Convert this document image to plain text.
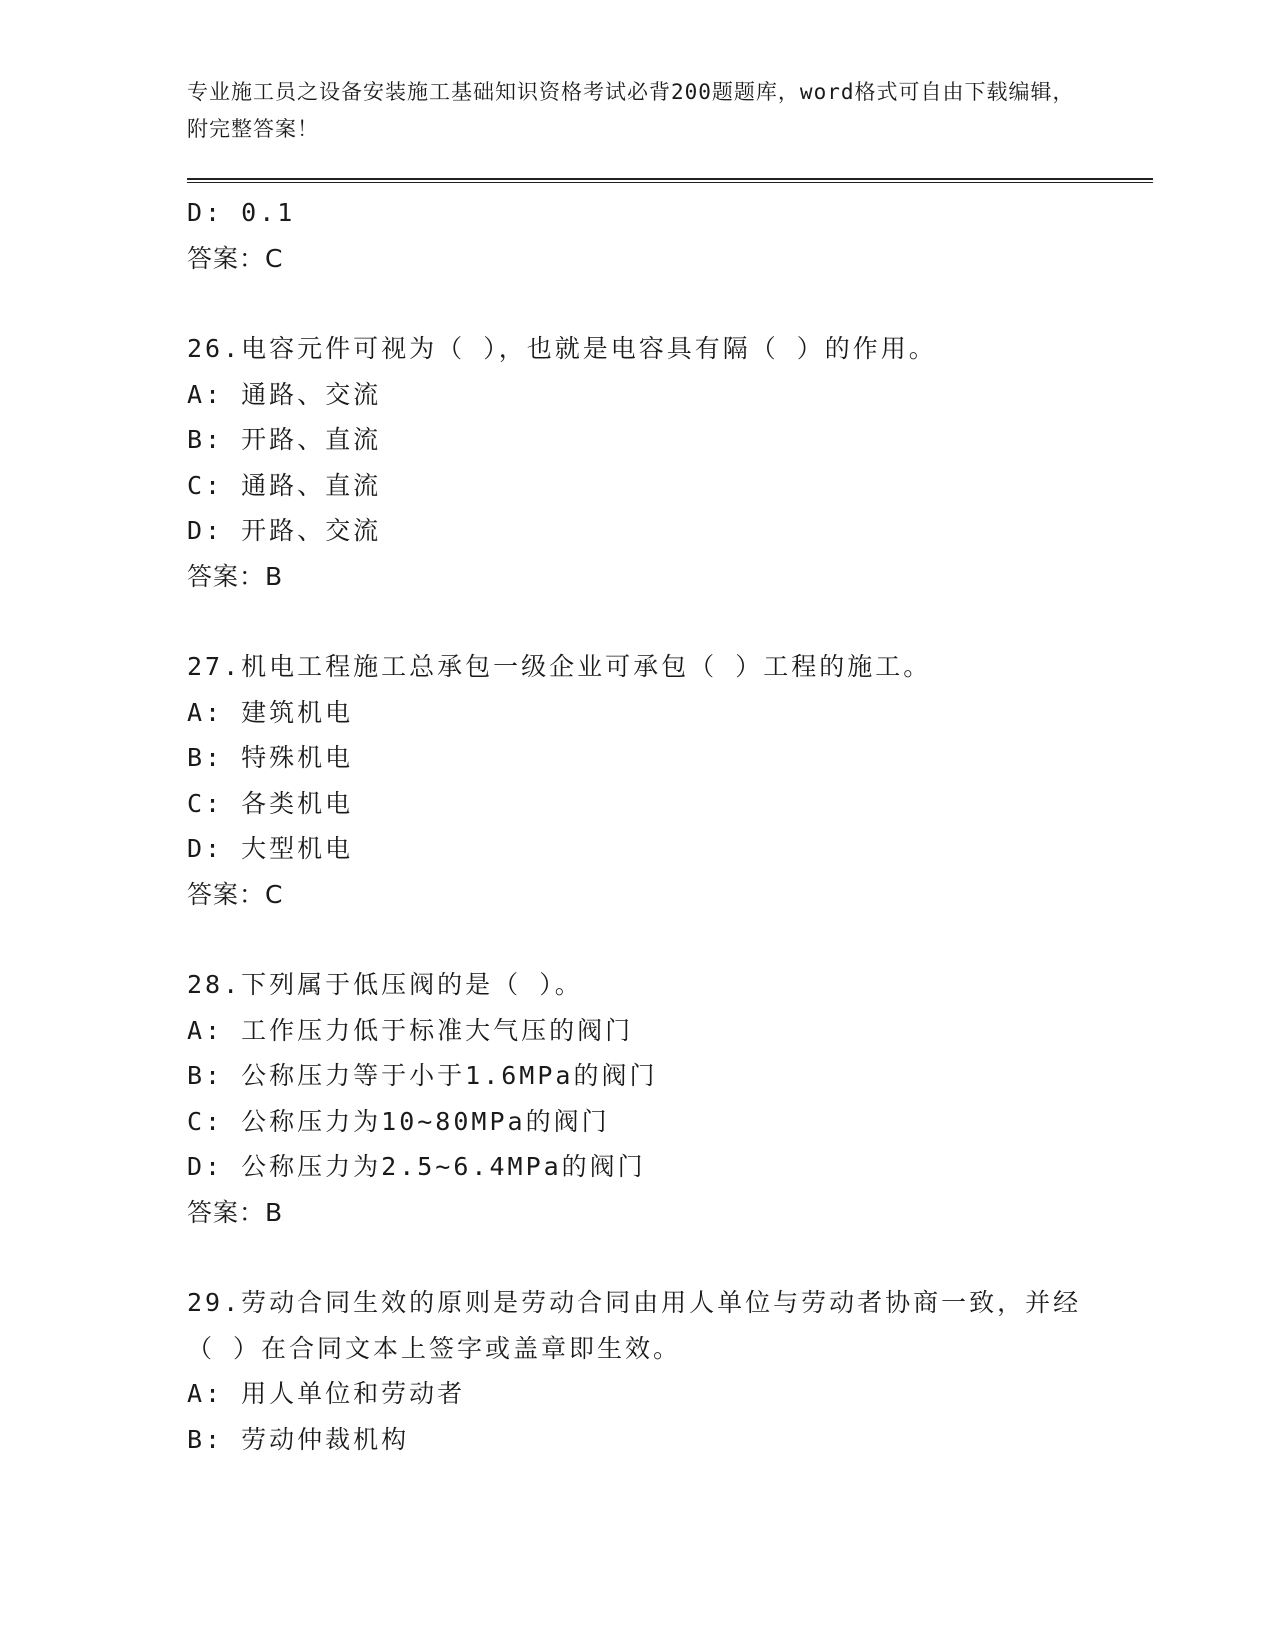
专业施工员之设备安装施工基础知识资格考试必背200题题库，word格式可自由下载编辑，附完整答案！
D: 0.1
答案：C
26.电容元件可视为（ ），也就是电容具有隔（ ）的作用。
A: 通路、交流
B: 开路、直流
C: 通路、直流
D: 开路、交流
答案：B
27.机电工程施工总承包一级企业可承包（ ）工程的施工。
A: 建筑机电
B: 特殊机电
C: 各类机电
D: 大型机电
答案：C
28.下列属于低压阀的是（ ）。
A: 工作压力低于标准大气压的阀门
B: 公称压力等于小于1.6MPa的阀门
C: 公称压力为10~80MPa的阀门
D: 公称压力为2.5~6.4MPa的阀门
答案：B
29.劳动合同生效的原则是劳动合同由用人单位与劳动者协商一致，并经（ ）在合同文本上签字或盖章即生效。
A: 用人单位和劳动者
B: 劳动仲裁机构
